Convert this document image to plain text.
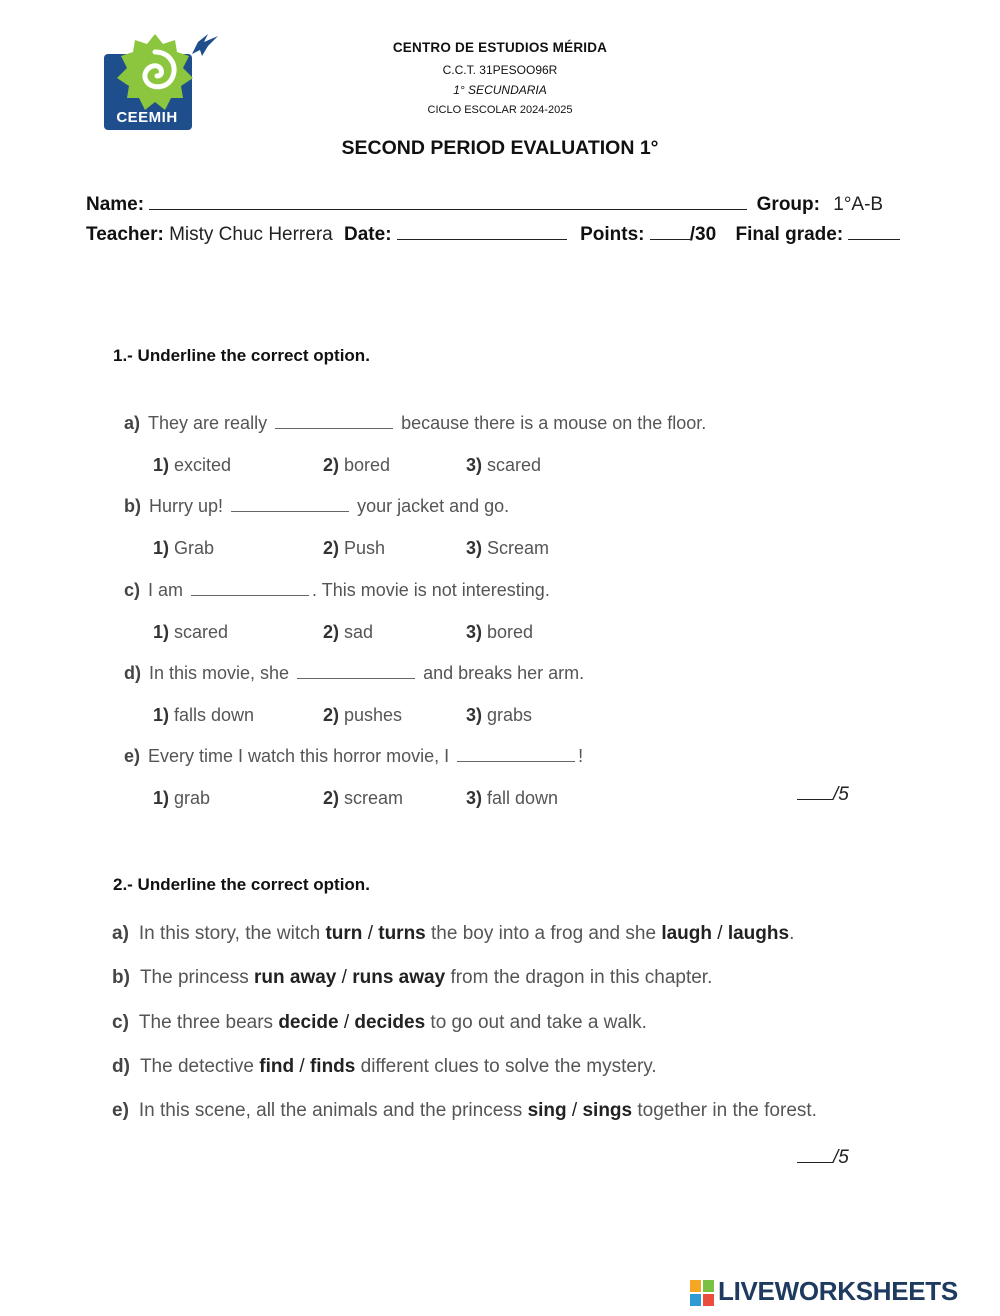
CEEMIH
CENTRO DE ESTUDIOS MÉRIDA
C.C.T. 31PESOO96R
1° SECUNDARIA
CICLO ESCOLAR 2024-2025
SECOND PERIOD EVALUATION 1°
Name:	Group: 1°A-B
Teacher: Misty Chuc Herrera Date:	Points: /30 Final grade:
1.- Underline the correct option.
a) They are really	because there is a mouse on the floor.
1) excited	2) bored	3) scared
b) Hurry up!	your jacket and go.
1) Grab	2) Push	3) Scream
c) I am	. This movie is not interesting.
1) scared	2) sad	3) bored
d) In this movie, she	and breaks her arm.
1) falls down	2) pushes	3) grabs
e) Every time I watch this horror movie, I	!
1) grab	2) scream	3) fall down	/5
2.- Underline the correct option.
a) In this story, the witch turn / turns the boy into a frog and she laugh / laughs.
b) The princess run away / runs away from the dragon in this chapter.
c) The three bears decide / decides to go out and take a walk.
d) The detective find / finds different clues to solve the mystery.
e) In this scene, all the animals and the princess sing / sings together in the forest.
/5
LIVEWORKSHEETS
